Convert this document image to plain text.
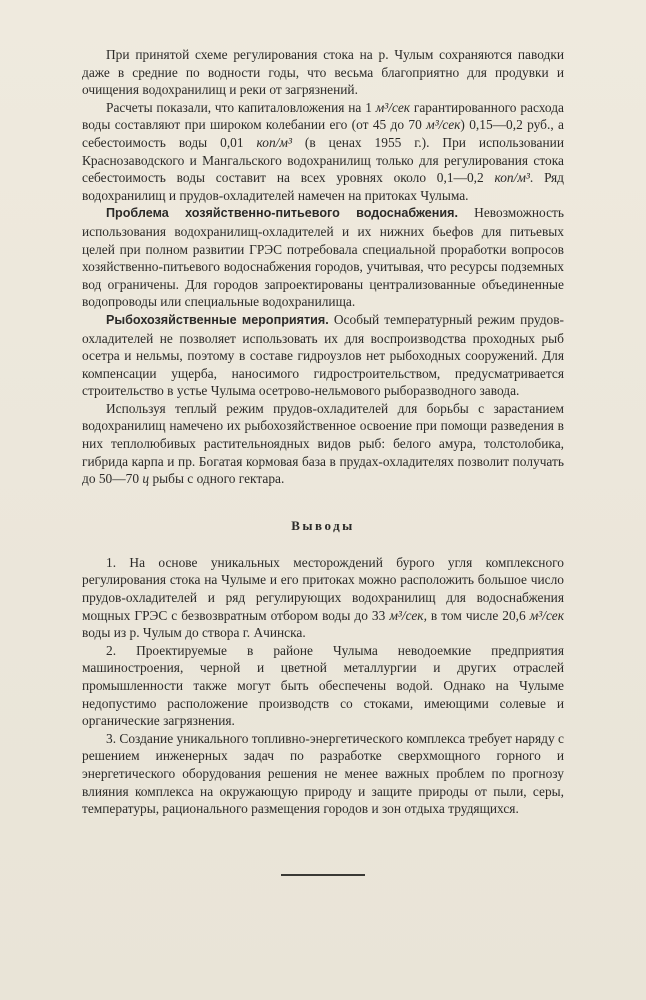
При принятой схеме регулирования стока на р. Чулым сохраняются паводки даже в средние по водности годы, что весьма благоприятно для продувки и очищения водохранилищ и реки от загрязнений.

Расчеты показали, что капиталовложения на 1 м³/сек гарантированного расхода воды составляют при широком колебании его (от 45 до 70 м³/сек) 0,15—0,2 руб., а себестоимость воды 0,01 коп/м³ (в ценах 1955 г.). При использовании Краснозаводского и Мангальского водохранилищ только для регулирования стока себестоимость воды составит на всех уровнях около 0,1—0,2 коп/м³. Ряд водохранилищ и прудов-охладителей намечен на притоках Чулыма.

Проблема хозяйственно-питьевого водоснабжения. Невозможность использования водохранилищ-охладителей и их нижних бьефов для питьевых целей при полном развитии ГРЭС потребовала специальной проработки вопросов хозяйственно-питьевого водоснабжения городов, учитывая, что ресурсы подземных вод ограничены. Для городов запроектированы централизованные объединенные водопроводы или специальные водохранилища.

Рыбохозяйственные мероприятия. Особый температурный режим прудов-охладителей не позволяет использовать их для воспроизводства проходных рыб осетра и нельмы, поэтому в составе гидроузлов нет рыбоходных сооружений. Для компенсации ущерба, наносимого гидростроительством, предусматривается строительство в устье Чулыма осетрово-нельмового рыборазводного завода.

Используя теплый режим прудов-охладителей для борьбы с зарастанием водохранилищ намечено их рыбохозяйственное освоение при помощи разведения в них теплолюбивых растительноядных видов рыб: белого амура, толстолобика, гибрида карпа и пр. Богатая кормовая база в прудах-охладителях позволит получать до 50—70 ц рыбы с одного гектара.

Выводы

1. На основе уникальных месторождений бурого угля комплексного регулирования стока на Чулыме и его притоках можно расположить большое число прудов-охладителей и ряд регулирующих водохранилищ для водоснабжения мощных ГРЭС с безвозвратным отбором воды до 33 м³/сек, в том числе 20,6 м³/сек воды из р. Чулым до створа г. Ачинска.

2. Проектируемые в районе Чулыма неводоемкие предприятия машиностроения, черной и цветной металлургии и других отраслей промышленности также могут быть обеспечены водой. Однако на Чулыме недопустимо расположение производств со стоками, имеющими солевые и органические загрязнения.

3. Создание уникального топливно-энергетического комплекса требует наряду с решением инженерных задач по разработке сверхмощного горного и энергетического оборудования решения не менее важных проблем по прогнозу влияния комплекса на окружающую природу и защите природы от пыли, серы, температуры, рационального размещения городов и зон отдыха трудящихся.
